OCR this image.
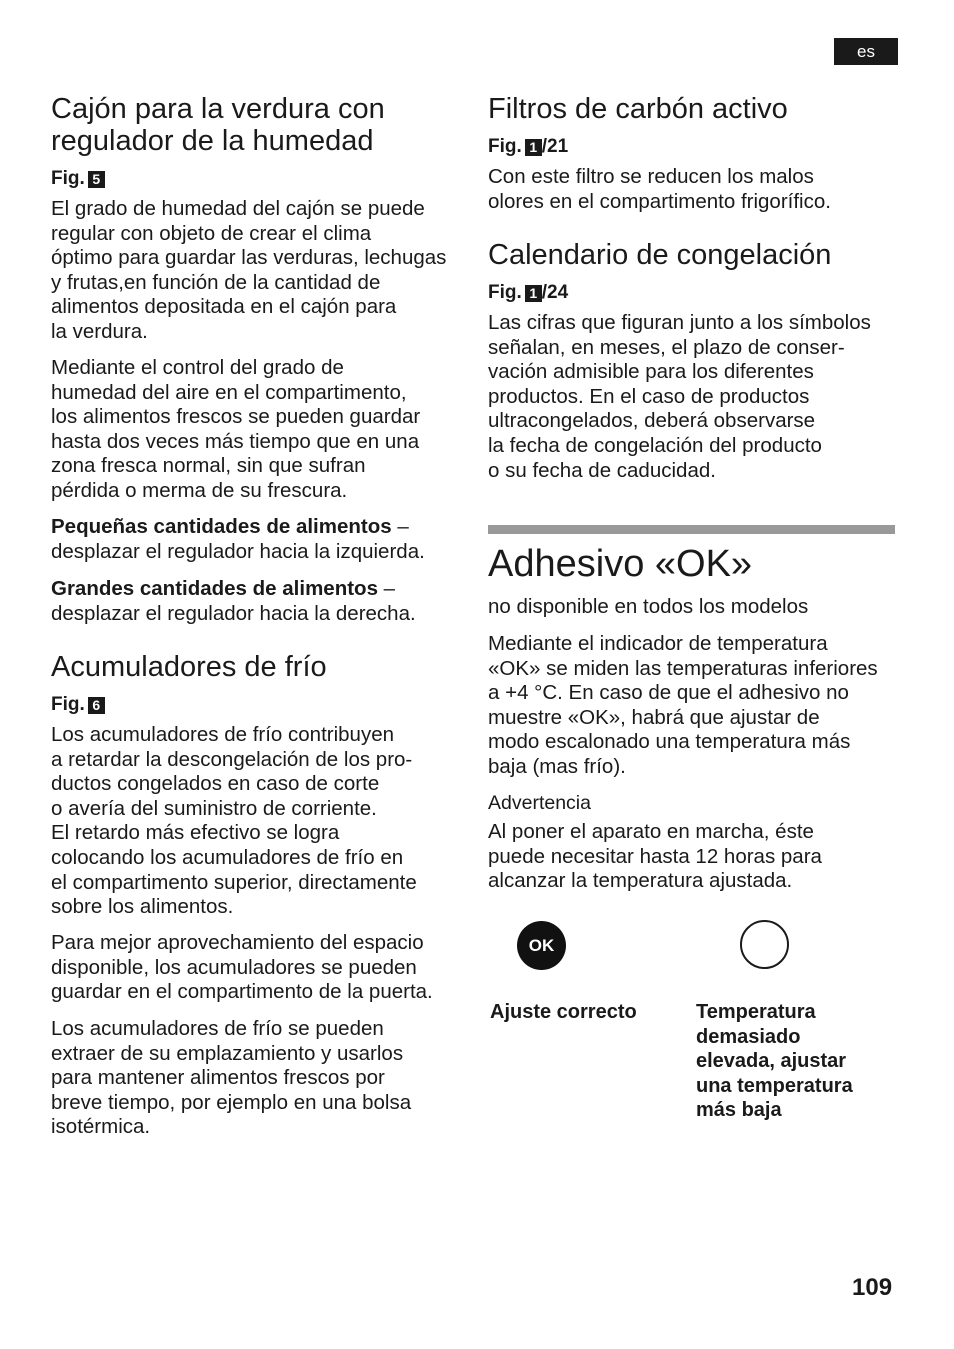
es
Cajón para la verdura con
regulador de la humedad
Fig. 5

El grado de humedad del cajón se puede
regular con objeto de crear el clima
óptimo para guardar las verduras, lechugas
y frutas,en función de la cantidad de
alimentos depositada en el cajón para
la verdura.

Mediante el control del grado de
humedad del aire en el compartimento,
los alimentos frescos se pueden guardar
hasta dos veces más tiempo que en una
zona fresca normal, sin que sufran
pérdida o merma de su frescura.

Pequeñas cantidades de alimentos –
desplazar el regulador hacia la izquierda.

Grandes cantidades de alimentos –
desplazar el regulador hacia la derecha.

Acumuladores de frío
Fig. 6

Los acumuladores de frío contribuyen
a retardar la descongelación de los pro-
ductos congelados en caso de corte
o avería del suministro de corriente.
El retardo más efectivo se logra
colocando los acumuladores de frío en
el compartimento superior, directamente
sobre los alimentos.

Para mejor aprovechamiento del espacio
disponible, los acumuladores se pueden
guardar en el compartimento de la puerta.

Los acumuladores de frío se pueden
extraer de su emplazamiento y usarlos
para mantener alimentos frescos por
breve tiempo, por ejemplo en una bolsa
isotérmica.

Filtros de carbón activo
Fig. 1 /21

Con este filtro se reducen los malos
olores en el compartimento frigorífico.

Calendario de congelación
Fig. 1 /24

Las cifras que figuran junto a los símbolos
señalan, en meses, el plazo de conser-
vación admisible para los diferentes
productos. En el caso de productos
ultracongelados, deberá observarse
la fecha de congelación del producto
o su fecha de caducidad.

Adhesivo «OK»

no disponible en todos los modelos

Mediante el indicador de temperatura
«OK» se miden las temperaturas inferiores
a +4 °C. En caso de que el adhesivo no
muestre «OK», habrá que ajustar de
modo escalonado una temperatura más
baja (mas frío).

Advertencia

Al poner el aparato en marcha, éste
puede necesitar hasta 12 horas para
alcanzar la temperatura ajustada.

OK

Ajuste correcto	Temperatura
demasiado
elevada, ajustar
una temperatura
más baja

109
